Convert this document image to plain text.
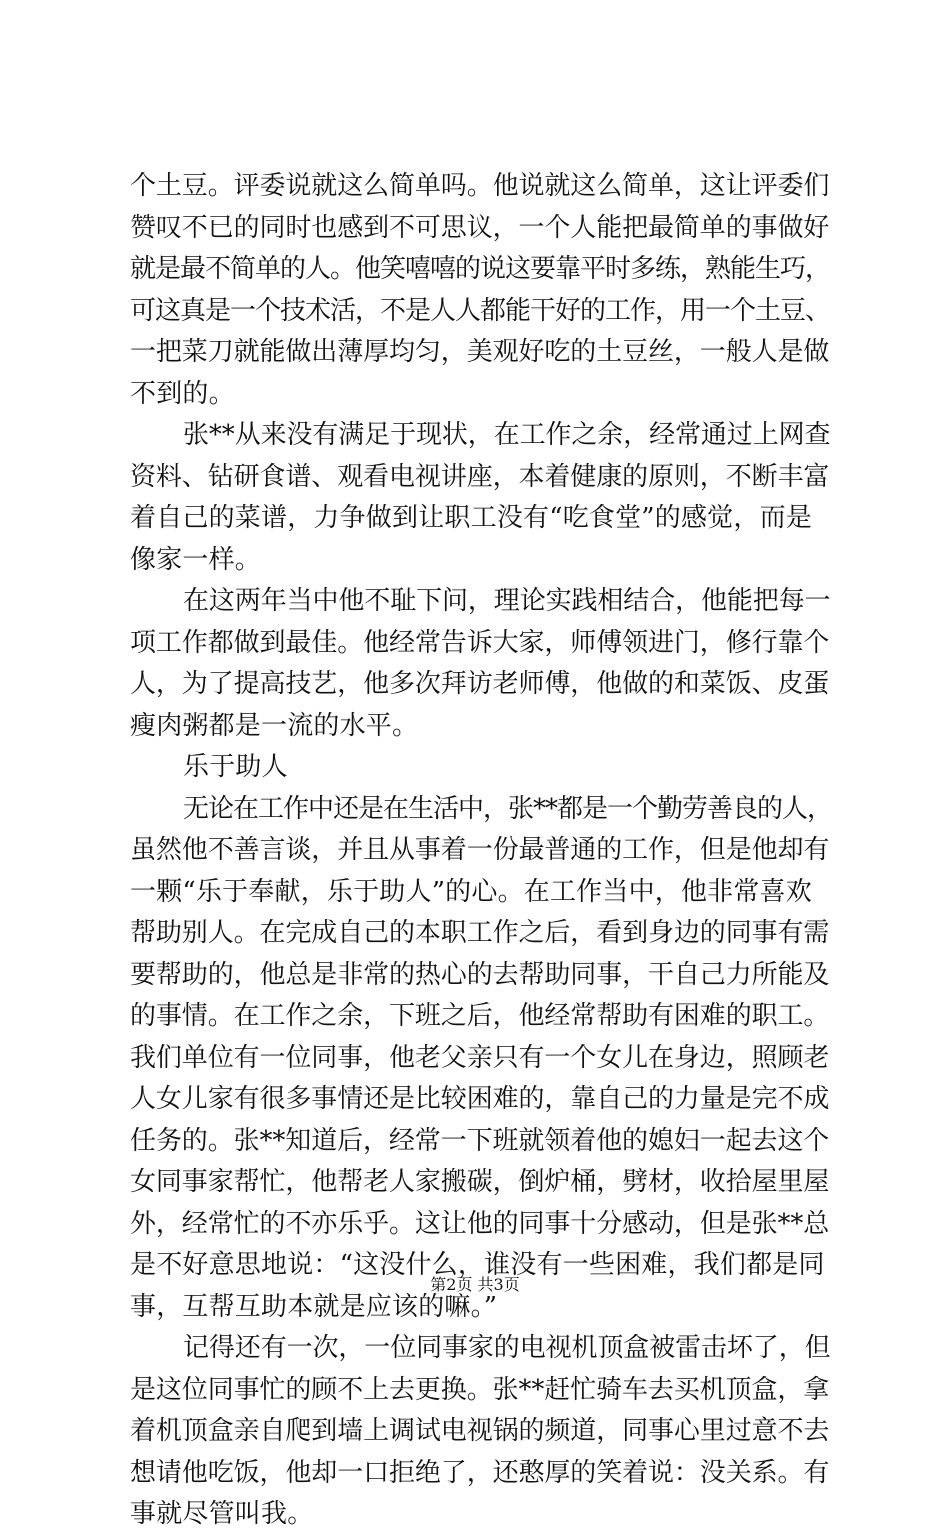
个土豆。评委说就这么简单吗。他说就这么简单，这让评委们
赞叹不已的同时也感到不可思议，一个人能把最简单的事做好
就是最不简单的人。他笑嘻嘻的说这要靠平时多练，熟能生巧，
可这真是一个技术活，不是人人都能干好的工作，用一个土豆、
一把菜刀就能做出薄厚均匀，美观好吃的土豆丝，一般人是做
不到的。
张**从来没有满足于现状，在工作之余，经常通过上网查
资料、钻研食谱、观看电视讲座，本着健康的原则，不断丰富
着自己的菜谱，力争做到让职工没有“吃食堂”的感觉，而是
像家一样。
在这两年当中他不耻下问，理论实践相结合，他能把每一
项工作都做到最佳。他经常告诉大家，师傅领进门，修行靠个
人，为了提高技艺，他多次拜访老师傅，他做的和菜饭、皮蛋
瘦肉粥都是一流的水平。
乐于助人
无论在工作中还是在生活中，张**都是一个勤劳善良的人，
虽然他不善言谈，并且从事着一份最普通的工作，但是他却有
一颗“乐于奉献，乐于助人”的心。在工作当中，他非常喜欢
帮助别人。在完成自己的本职工作之后，看到身边的同事有需
要帮助的，他总是非常的热心的去帮助同事，干自己力所能及
的事情。在工作之余，下班之后，他经常帮助有困难的职工。
我们单位有一位同事，他老父亲只有一个女儿在身边，照顾老
人女儿家有很多事情还是比较困难的，靠自己的力量是完不成
任务的。张**知道后，经常一下班就领着他的媳妇一起去这个
女同事家帮忙，他帮老人家搬碳，倒炉桶，劈材，收拾屋里屋
外，经常忙的不亦乐乎。这让他的同事十分感动，但是张**总
是不好意思地说：“这没什么，谁没有一些困难，我们都是同
事，互帮互助本就是应该的嘛。”
记得还有一次，一位同事家的电视机顶盒被雷击坏了，但
是这位同事忙的顾不上去更换。张**赶忙骑车去买机顶盒，拿
着机顶盒亲自爬到墙上调试电视锅的频道，同事心里过意不去
想请他吃饭，他却一口拒绝了，还憨厚的笑着说：没关系。有
事就尽管叫我。
第2页 共3页
